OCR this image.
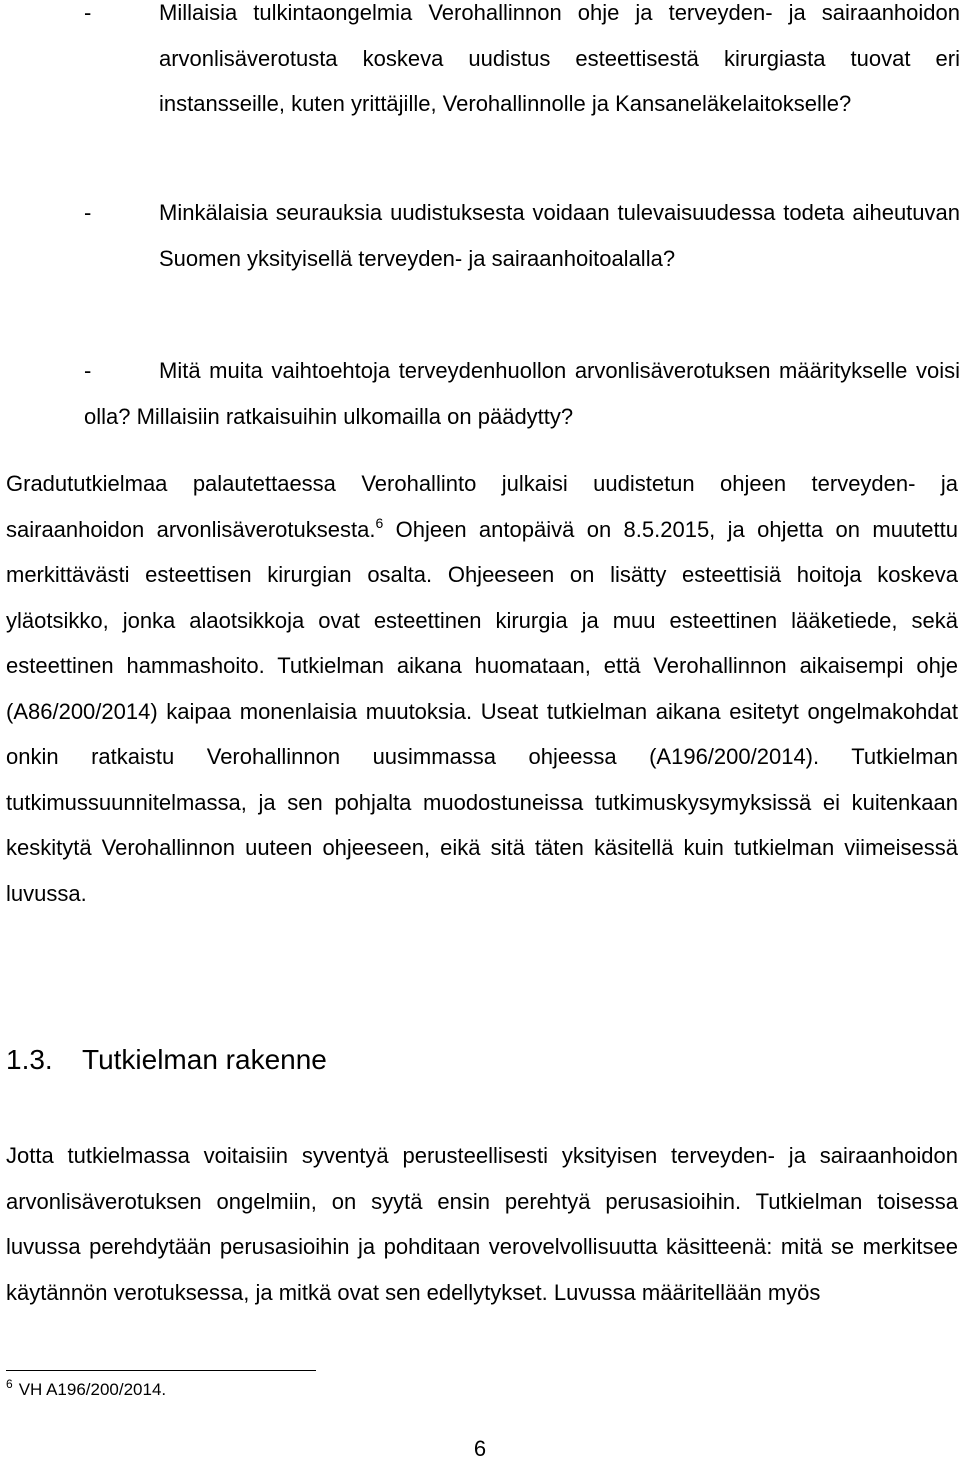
-	Millaisia tulkintaongelmia Verohallinnon ohje ja terveyden- ja sairaanhoidon arvonlisäverotusta koskeva uudistus esteettisestä kirurgiasta tuovat eri instansseille, kuten yrittäjille, Verohallinnolle ja Kansaneläkelaitokselle?
-	Minkälaisia seurauksia uudistuksesta voidaan tulevaisuudessa todeta aiheutuvan Suomen yksityisellä terveyden- ja sairaanhoitoalalla?
-	Mitä muita vaihtoehtoja terveydenhuollon arvonlisäverotuksen määritykselle voisi olla? Millaisiin ratkaisuihin ulkomailla on päädytty?

Gradututkielmaa palautettaessa Verohallinto julkaisi uudistetun ohjeen terveyden- ja sairaanhoidon arvonlisäverotuksesta.$^6$ Ohjeen antopäivä on 8.5.2015, ja ohjetta on muutettu merkittävästi esteettisen kirurgian osalta. Ohjeeseen on lisätty esteettisiä hoitoja koskeva yläotsikko, jonka alaotsikkoja ovat esteettinen kirurgia ja muu esteettinen lääketiede, sekä esteettinen hammashoito. Tutkielman aikana huomataan, että Verohallinnon aikaisempi ohje (A86/200/2014) kaipaa monenlaisia muutoksia. Useat tutkielman aikana esitetyt ongelmakohdat onkin ratkaistu Verohallinnon uusimmassa ohjeessa (A196/200/2014). Tutkielman tutkimussuunnitelmassa, ja sen pohjalta muodostuneissa tutkimuskysymyksissä ei kuitenkaan keskitytä Verohallinnon uuteen ohjeeseen, eikä sitä täten käsitellä kuin tutkielman viimeisessä luvussa.

1.3. Tutkielman rakenne

Jotta tutkielmassa voitaisiin syventyä perusteellisesti yksityisen terveyden- ja sairaanhoidon arvonlisäverotuksen ongelmiin, on syytä ensin perehtyä perusasioihin. Tutkielman toisessa luvussa perehdytään perusasioihin ja pohditaan verovelvollisuutta käsitteenä: mitä se merkitsee käytännön verotuksessa, ja mitkä ovat sen edellytykset. Luvussa määritellään myös

$^6$ VH A196/200/2014.
6
